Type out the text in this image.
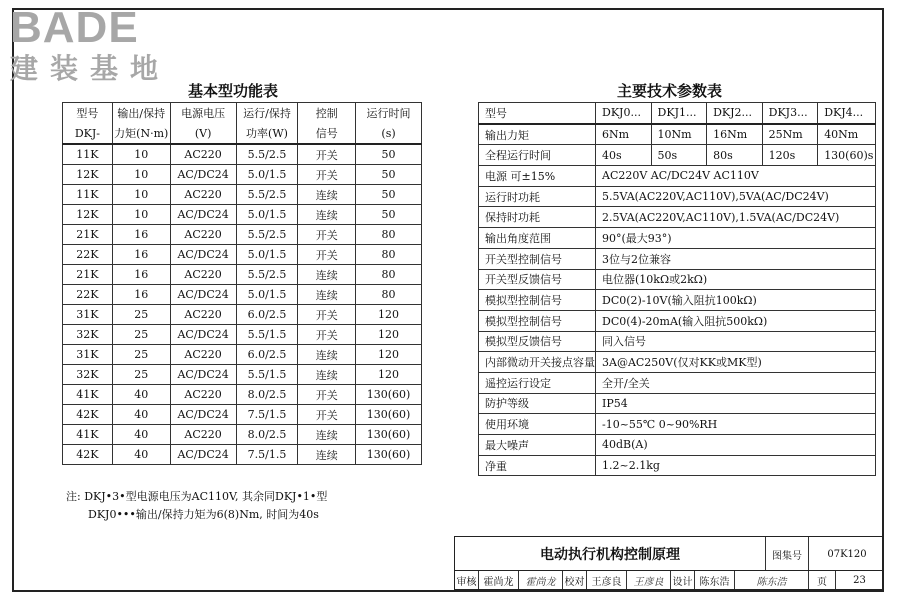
BADE
建装基地
基本型功能表	主要技术参数表
型号	输出/保持	电源电压	运行/保持	控制	运行时间
DKJ-	力矩(N·m)	(V)	功率(W)	信号	(s)
11K	10	AC220	5.5/2.5	开关	50
12K	10	AC/DC24	5.0/1.5	开关	50
11K	10	AC220	5.5/2.5	连续	50
12K	10	AC/DC24	5.0/1.5	连续	50
21K	16	AC220	5.5/2.5	开关	80
22K	16	AC/DC24	5.0/1.5	开关	80
21K	16	AC220	5.5/2.5	连续	80
22K	16	AC/DC24	5.0/1.5	连续	80
31K	25	AC220	6.0/2.5	开关	120
32K	25	AC/DC24	5.5/1.5	开关	120
31K	25	AC220	6.0/2.5	连续	120
32K	25	AC/DC24	5.5/1.5	连续	120
41K	40	AC220	8.0/2.5	开关	130(60)
42K	40	AC/DC24	7.5/1.5	开关	130(60)
41K	40	AC220	8.0/2.5	连续	130(60)
42K	40	AC/DC24	7.5/1.5	连续	130(60)
型号	DKJ0...	DKJ1...	DKJ2...	DKJ3...	DKJ4...
输出力矩	6Nm	10Nm	16Nm	25Nm	40Nm
全程运行时间	40s	50s	80s	120s	130(60)s
电源 可±15%	AC220V AC/DC24V AC110V				
运行时功耗	5.5VA(AC220V,AC110V),5VA(AC/DC24V)				
保持时功耗	2.5VA(AC220V,AC110V),1.5VA(AC/DC24V)				
输出角度范围	90°(最大93°)				
开关型控制信号	3位与2位兼容				
开关型反馈信号	电位器(10kΩ或2kΩ)				
模拟型控制信号	DC0(2)-10V(输入阻抗100kΩ)				
模拟型控制信号	DC0(4)-20mA(输入阻抗500kΩ)				
模拟型反馈信号	同入信号				
内部微动开关接点容量	3A@AC250V(仅对KK或MK型)				
遥控运行设定	全开/全关				
防护等级	IP54				
使用环境	-10~55℃ 0~90%RH				
最大噪声	40dB(A)				
净重	1.2~2.1kg				
注: DKJ•3•型电源电压为AC110V, 其余同DKJ•1•型
DKJ0•••输出/保持力矩为6(8)Nm, 时间为40s
电动执行机构控制原理	图集号	07K120
审核 霍尚龙	霍尚龙 校对 王彦良	王彦良 设计 陈东浩	陈东浩	页	23
